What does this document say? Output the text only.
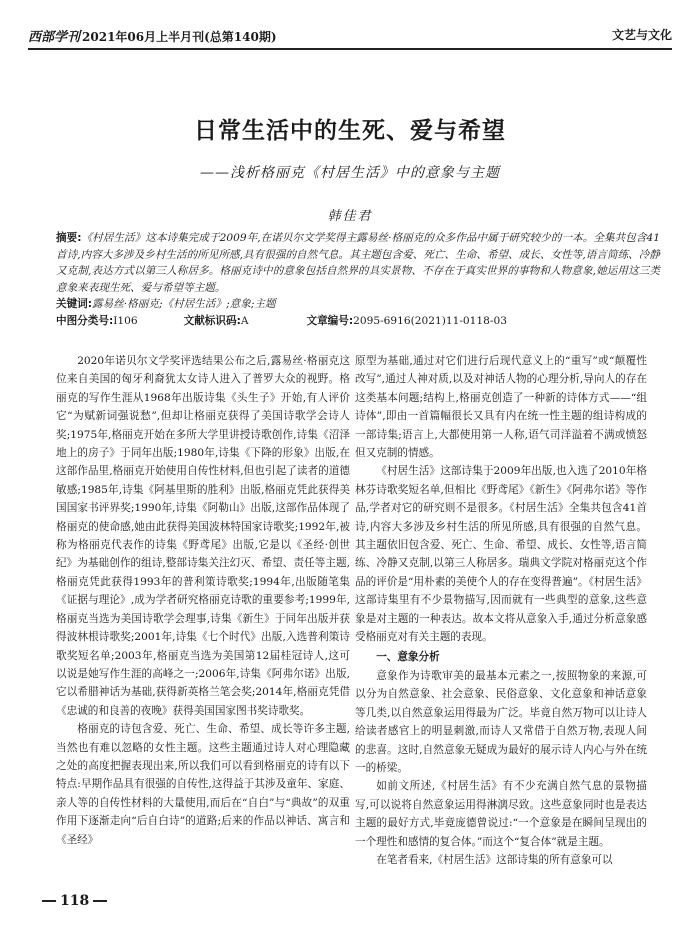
西部学刊 2021年06月上半月刊(总第140期)	文艺与文化
日常生活中的生死、爱与希望
——浅析格丽克《村居生活》中的意象与主题
韩佳君

摘要:《村居生活》这本诗集完成于2009年,在诺贝尔文学奖得主露易丝·格丽克的众多作品中属于研究较少的一本。全集共包含41首诗,内容大多涉及乡村生活的所见所感,具有很强的自然气息。其主题包含爱、死亡、生命、希望、成长、女性等,语言简练、冷静又克制,表达方式以第三人称居多。格丽克诗中的意象包括自然界的具实景物、不存在于真实世界的事物和人物意象,她运用这三类意象来表现生死、爱与希望等主题。

关键词:露易丝·格丽克;《村居生活》;意象;主题

中图分类号:I106	文献标识码:A	文章编号:2095-6916(2021)11-0118-03

2020年诺贝尔文学奖评选结果公布之后,露易丝·格丽克这位来自美国的匈牙利裔犹太女诗人进入了普罗大众的视野。格丽克的写作生涯从1968年出版诗集《头生子》开始,有人评价它“为赋新词强说愁”,但却让格丽克获得了美国诗歌学会诗人奖;1975年,格丽克开始在多所大学里讲授诗歌创作,诗集《沼泽地上的房子》于同年出版;1980年,诗集《下降的形象》出版,在这部作品里,格丽克开始使用自传性材料,但也引起了读者的道德敏感;1985年,诗集《阿基里斯的胜利》出版,格丽克凭此获得美国国家书评界奖;1990年,诗集《阿勒山》出版,这部作品体现了格丽克的使命感,她由此获得美国波林特国家诗歌奖;1992年,被称为格丽克代表作的诗集《野鸢尾》出版,它是以《圣经·创世纪》为基础创作的组诗,整部诗集关注幻灭、希望、责任等主题,格丽克凭此获得1993年的普利策诗歌奖;1994年,出版随笔集《证据与理论》,成为学者研究格丽克诗歌的重要参考;1999年,格丽克当选为美国诗歌学会理事,诗集《新生》于同年出版并获得波林根诗歌奖;2001年,诗集《七个时代》出版,入选普利策诗歌奖短名单;2003年,格丽克当选为美国第12届桂冠诗人,这可以说是她写作生涯的高峰之一;2006年,诗集《阿弗尔诺》出版,它以希腊神话为基础,获得新英格兰笔会奖;2014年,格丽克凭借《忠诚的和良善的夜晚》获得美国国家图书奖诗歌奖。

格丽克的诗包含爱、死亡、生命、希望、成长等许多主题,当然也有难以忽略的女性主题。这些主题通过诗人对心理隐藏之处的高度把握表现出来,所以我们可以看到格丽克的诗有以下特点:早期作品具有很强的自传性,这得益于其涉及童年、家庭、亲人等的自传性材料的大量使用,而后在“自白”与“典故”的双重作用下逐渐走向“后自白诗”的道路;后来的作品以神话、寓言和《圣经》

原型为基础,通过对它们进行后现代意义上的“重写”或“颠覆性改写”,通过人神对质,以及对神话人物的心理分析,导向人的存在这类基本问题;结构上,格丽克创造了一种新的诗体方式——“组诗体”,即由一首篇幅很长又具有内在统一性主题的组诗构成的一部诗集;语言上,大都使用第一人称,语气司洋溢着不满或愤怒但又克制的情感。

《村居生活》这部诗集于2009年出版,也入选了2010年格林芬诗歌奖短名单,但相比《野鸢尾》《新生》《阿弗尔诺》等作品,学者对它的研究则不是很多。《村居生活》全集共包含41首诗,内容大多涉及乡村生活的所见所感,具有很强的自然气息。其主题依旧包含爱、死亡、生命、希望、成长、女性等,语言简练、冷静又克制,以第三人称居多。瑞典文学院对格丽克这个作品的评价是“用朴素的美使个人的存在变得普遍”。《村居生活》这部诗集里有不少景物描写,因而就有一些典型的意象,这些意象是对主题的一种表达。故本文将从意象入手,通过分析意象感受格丽克对有关主题的表现。

一、意象分析

意象作为诗歌审美的最基本元素之一,按照物象的来源,可以分为自然意象、社会意象、民俗意象、文化意象和神话意象等几类,以自然意象运用得最为广泛。毕竟自然万物可以让诗人给读者感官上的明显刺激,而诗人又常借于自然万物,表现人间的悲喜。这时,自然意象无疑成为最好的展示诗人内心与外在统一的桥梁。

如前文所述,《村居生活》有不少充满自然气息的景物描写,可以说将自然意象运用得淋漓尽致。这些意象同时也是表达主题的最好方式,毕竟庞德曾说过:“一个意象是在瞬间呈现出的一个理性和感情的复合体。”而这个“复合体”就是主题。

在笔者看来,《村居生活》这部诗集的所有意象可以

118
